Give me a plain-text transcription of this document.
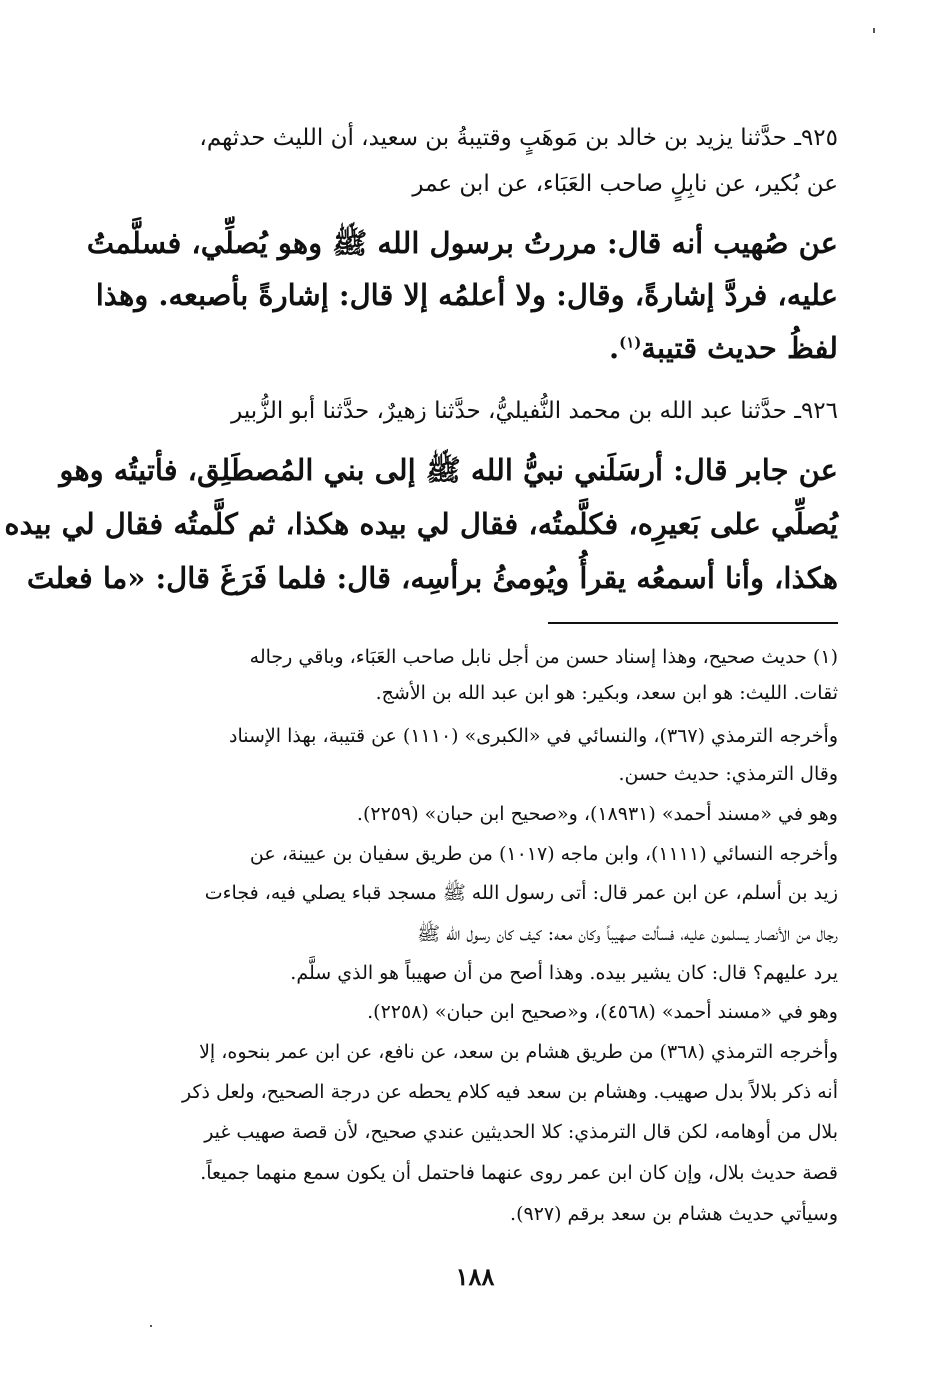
٩٢٥ـ حدَّثنا يزيد بن خالد بن مَوهَبٍ وقتيبةُ بن سعيد، أن الليث حدثهم،
عن بُكير، عن نابِلٍ صاحب العَبَاء، عن ابن عمر
عن صُهيب أنه قال: مررتُ برسول الله ﷺ وهو يُصلِّي، فسلَّمتُ
عليه، فردَّ إشارةً، وقال: ولا أعلمُه إلا قال: إشارةً بأصبعه. وهذا
لفظُ حديث قتيبة$^{(١)}$.
٩٢٦ـ حدَّثنا عبد الله بن محمد النُّفيليُّ، حدَّثنا زهيرٌ، حدَّثنا أبو الزُّبير
عن جابر قال: أرسَلَني نبيُّ الله ﷺ إلى بني المُصطَلِق، فأتيتُه وهو
يُصلِّي على بَعيرِه، فكلَّمتُه، فقال لي بيده هكذا، ثم كلَّمتُه فقال لي بيده
هكذا، وأنا أسمعُه يقرأُ ويُومئُ برأسِه، قال: فلما فَرَغَ قال: «ما فعلتَ
(١) حديث صحيح، وهذا إسناد حسن من أجل نابل صاحب العَبَاء، وباقي رجاله
ثقات. الليث: هو ابن سعد، وبكير: هو ابن عبد الله بن الأشج.
وأخرجه الترمذي (٣٦٧)، والنسائي في «الكبرى» (١١١٠) عن قتيبة، بهذا الإسناد
وقال الترمذي: حديث حسن.
وهو في «مسند أحمد» (١٨٩٣١)، و«صحيح ابن حبان» (٢٢٥٩).
وأخرجه النسائي (١١١١)، وابن ماجه (١٠١٧) من طريق سفيان بن عيينة، عن
زيد بن أسلم، عن ابن عمر قال: أتى رسول الله ﷺ مسجد قباء يصلي فيه، فجاءت
رجال من الأنصار يسلمون عليه، فسألت صهيباً وكان معه: كيف كان رسول الله ﷺ
يرد عليهم؟ قال: كان يشير بيده. وهذا أصح من أن صهيباً هو الذي سلَّم.
وهو في «مسند أحمد» (٤٥٦٨)، و«صحيح ابن حبان» (٢٢٥٨).
وأخرجه الترمذي (٣٦٨) من طريق هشام بن سعد، عن نافع، عن ابن عمر بنحوه، إلا
أنه ذكر بلالاً بدل صهيب. وهشام بن سعد فيه كلام يحطه عن درجة الصحيح، ولعل ذكر
بلال من أوهامه، لكن قال الترمذي: كلا الحديثين عندي صحيح، لأن قصة صهيب غير
قصة حديث بلال، وإن كان ابن عمر روى عنهما فاحتمل أن يكون سمع منهما جميعاً.
وسيأتي حديث هشام بن سعد برقم (٩٢٧).
١٨٨
